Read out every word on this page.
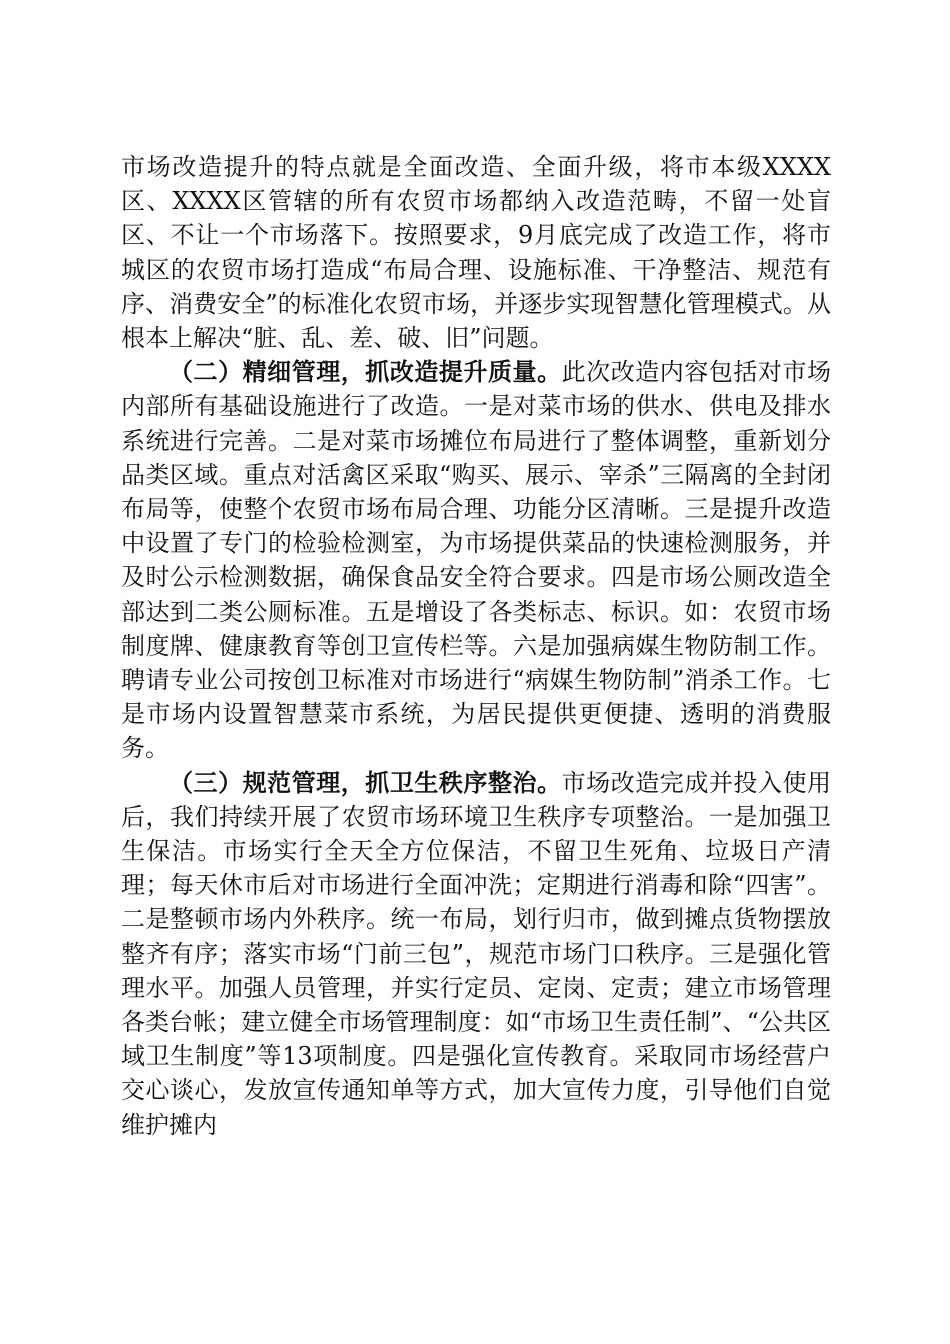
市场改造提升的特点就是全面改造、全面升级，将市本级XXXX区、XXXX区管辖的所有农贸市场都纳入改造范畴，不留一处盲区、不让一个市场落下。按照要求，9月底完成了改造工作，将市城区的农贸市场打造成“布局合理、设施标准、干净整洁、规范有序、消费安全”的标准化农贸市场，并逐步实现智慧化管理模式。从根本上解决“脏、乱、差、破、旧”问题。

（二）精细管理，抓改造提升质量。此次改造内容包括对市场内部所有基础设施进行了改造。一是对菜市场的供水、供电及排水系统进行完善。二是对菜市场摊位布局进行了整体调整，重新划分品类区域。重点对活禽区采取“购买、展示、宰杀”三隔离的全封闭布局等，使整个农贸市场布局合理、功能分区清晰。三是提升改造中设置了专门的检验检测室，为市场提供菜品的快速检测服务，并及时公示检测数据，确保食品安全符合要求。四是市场公厕改造全部达到二类公厕标准。五是增设了各类标志、标识。如：农贸市场制度牌、健康教育等创卫宣传栏等。六是加强病媒生物防制工作。聘请专业公司按创卫标准对市场进行“病媒生物防制”消杀工作。七是市场内设置智慧菜市系统，为居民提供更便捷、透明的消费服务。

（三）规范管理，抓卫生秩序整治。市场改造完成并投入使用后，我们持续开展了农贸市场环境卫生秩序专项整治。一是加强卫生保洁。市场实行全天全方位保洁，不留卫生死角、垃圾日产清理；每天休市后对市场进行全面冲洗；定期进行消毒和除“四害”。二是整顿市场内外秩序。统一布局，划行归市，做到摊点货物摆放整齐有序；落实市场“门前三包”，规范市场门口秩序。三是强化管理水平。加强人员管理，并实行定员、定岗、定责；建立市场管理各类台帐；建立健全市场管理制度：如“市场卫生责任制”、“公共区域卫生制度”等13项制度。四是强化宣传教育。采取同市场经营户交心谈心，发放宣传通知单等方式，加大宣传力度，引导他们自觉维护摊内
